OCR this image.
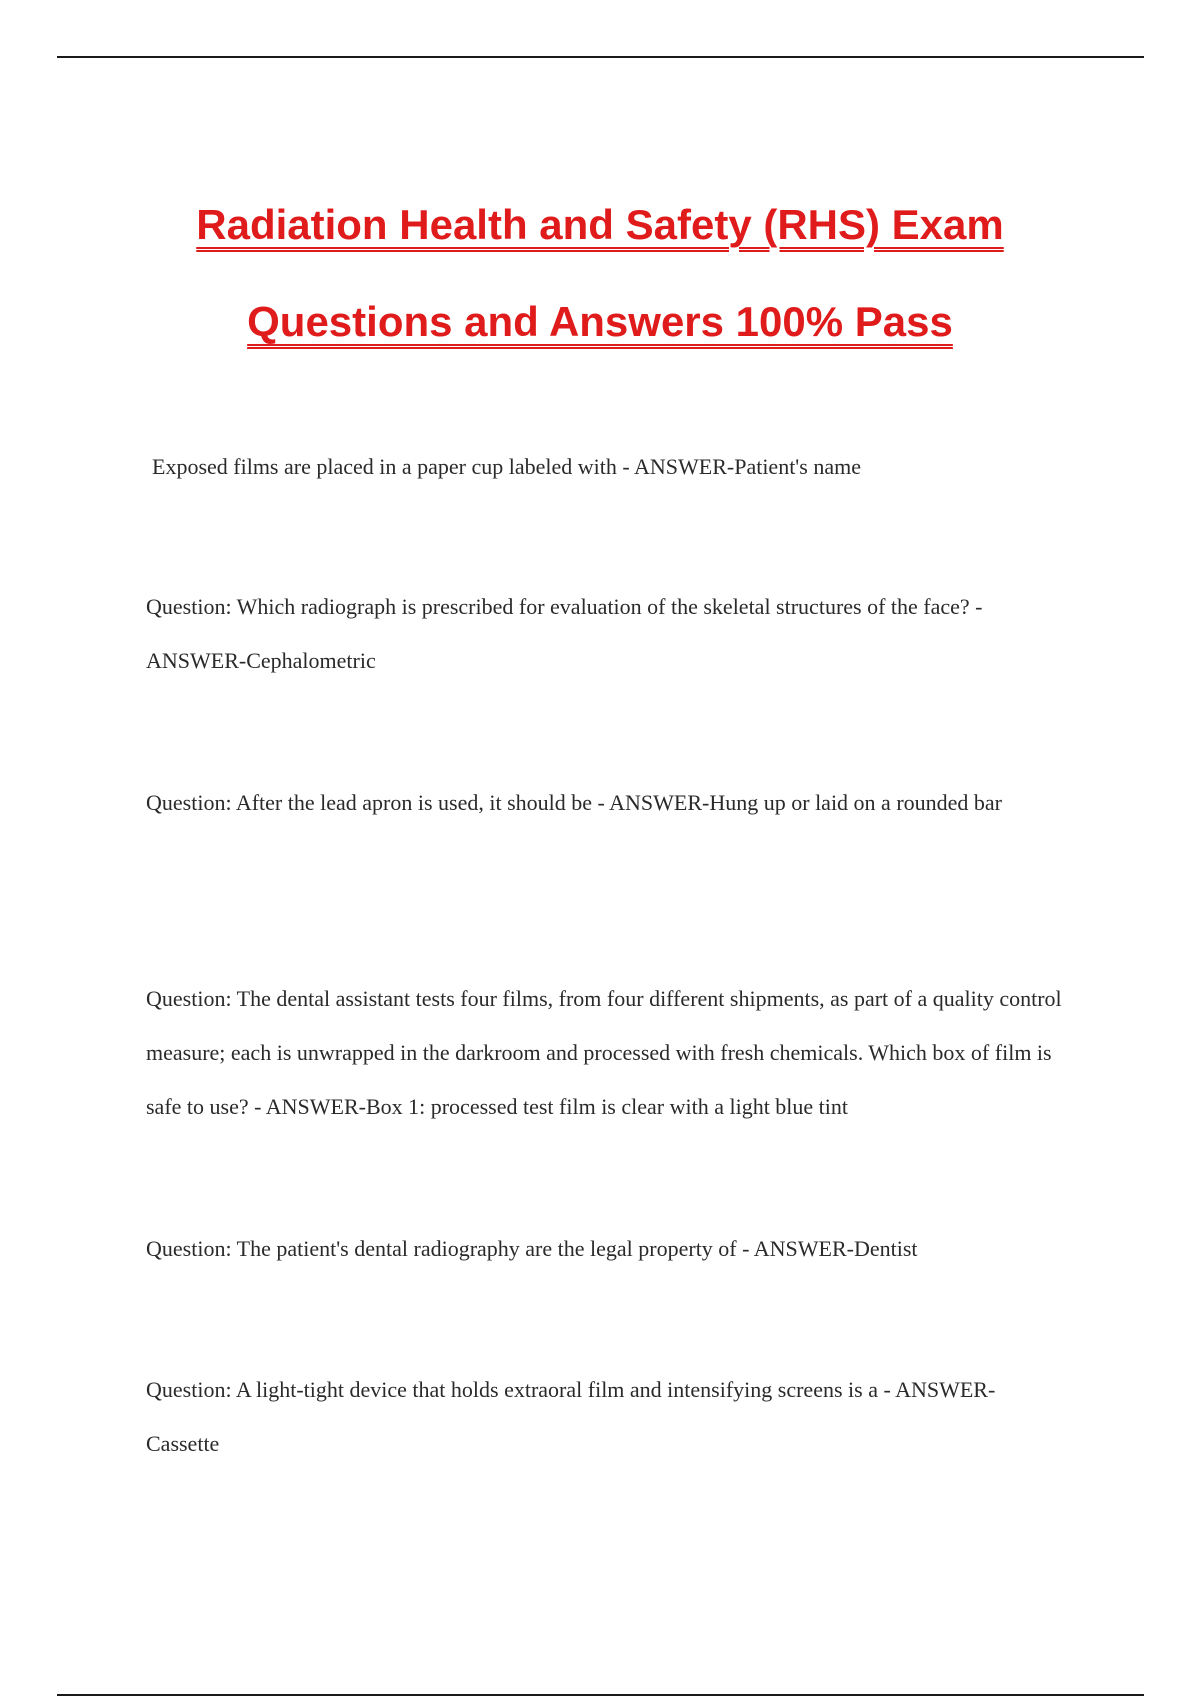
Radiation Health and Safety (RHS) Exam
Questions and Answers 100% Pass

Exposed films are placed in a paper cup labeled with - ANSWER-Patient's name

Question: Which radiograph is prescribed for evaluation of the skeletal structures of the face? - ANSWER-Cephalometric

Question: After the lead apron is used, it should be - ANSWER-Hung up or laid on a rounded bar

Question: The dental assistant tests four films, from four different shipments, as part of a quality control measure; each is unwrapped in the darkroom and processed with fresh chemicals. Which box of film is safe to use? - ANSWER-Box 1: processed test film is clear with a light blue tint

Question: The patient's dental radiography are the legal property of - ANSWER-Dentist

Question: A light-tight device that holds extraoral film and intensifying screens is a - ANSWER-Cassette
